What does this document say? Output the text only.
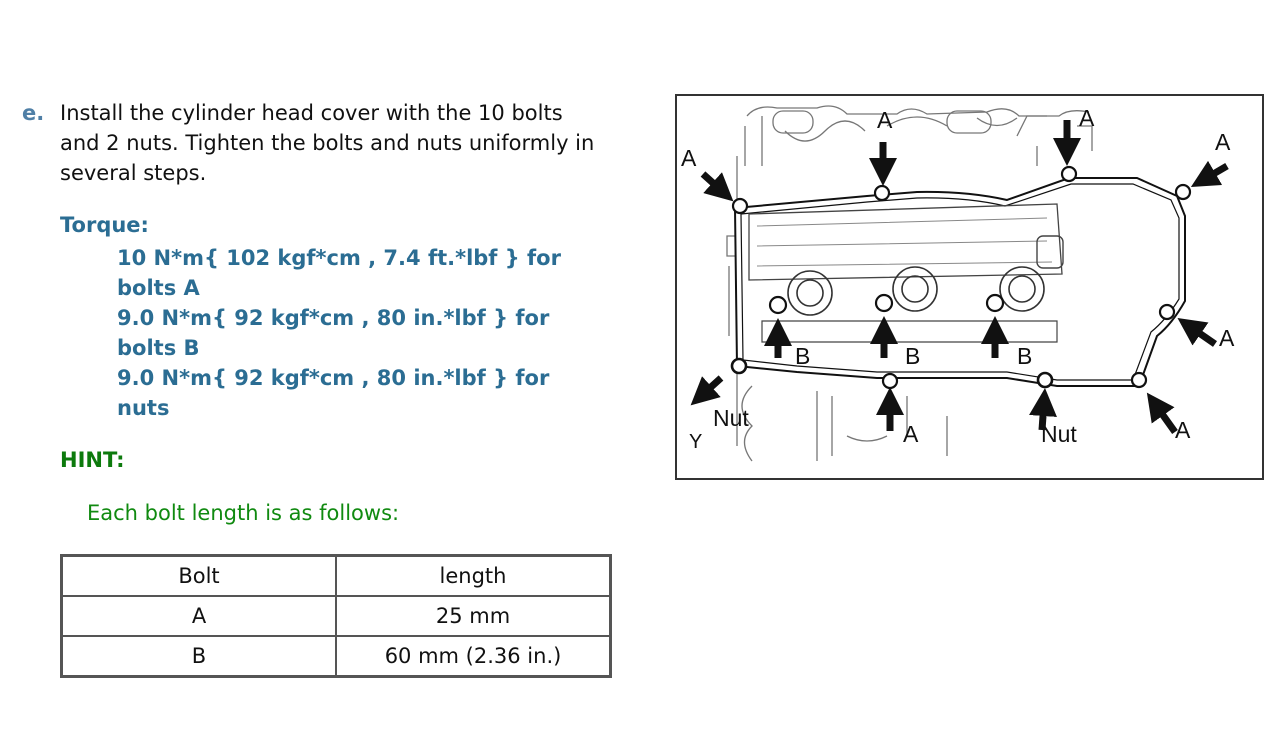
e. Install the cylinder head cover with the 10 bolts
and 2 nuts. Tighten the bolts and nuts uniformly in
several steps.
Torque:
10 N*m{ 102 kgf*cm , 7.4 ft.*lbf } for
bolts A
9.0 N*m{ 92 kgf*cm , 80 in.*lbf } for
bolts B
9.0 N*m{ 92 kgf*cm , 80 in.*lbf } for
nuts
HINT:
Each bolt length is as follows:
Bolt	length
A	25 mm
B	60 mm (2.36 in.)
A
A	A
A
A
A
A
B	B	B
Nut
Nut
Y
